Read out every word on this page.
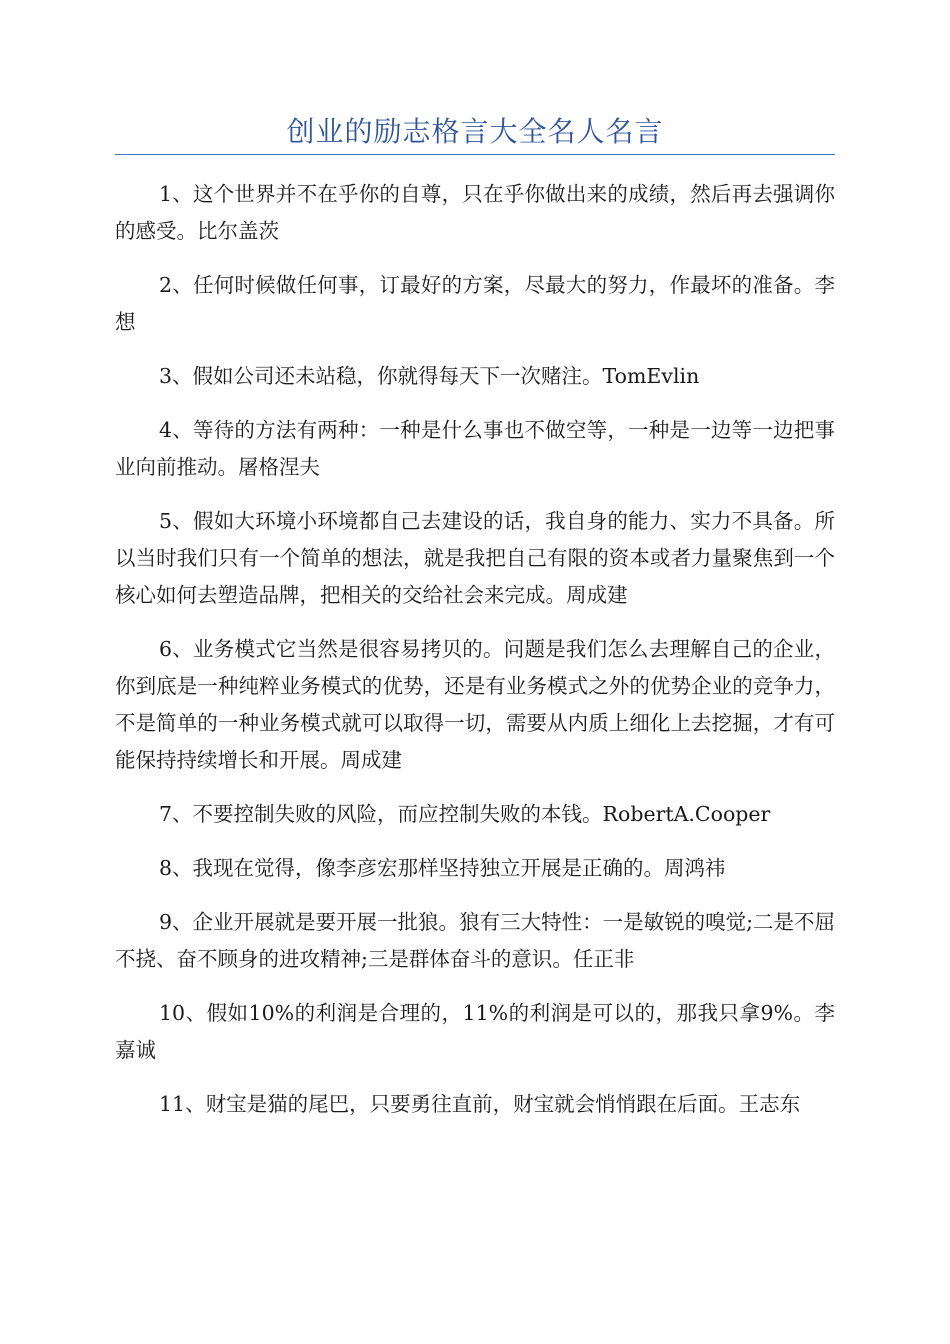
创业的励志格言大全名人名言

1、这个世界并不在乎你的自尊，只在乎你做出来的成绩，然后再去强调你的感受。比尔盖茨

2、任何时候做任何事，订最好的方案，尽最大的努力，作最坏的准备。李想

3、假如公司还未站稳，你就得每天下一次赌注。TomEvlin

4、等待的方法有两种：一种是什么事也不做空等，一种是一边等一边把事业向前推动。屠格涅夫

5、假如大环境小环境都自己去建设的话，我自身的能力、实力不具备。所以当时我们只有一个简单的想法，就是我把自己有限的资本或者力量聚焦到一个核心如何去塑造品牌，把相关的交给社会来完成。周成建

6、业务模式它当然是很容易拷贝的。问题是我们怎么去理解自己的企业，你到底是一种纯粹业务模式的优势，还是有业务模式之外的优势企业的竞争力，不是简单的一种业务模式就可以取得一切，需要从内质上细化上去挖掘，才有可能保持持续增长和开展。周成建

7、不要控制失败的风险，而应控制失败的本钱。RobertA.Cooper

8、我现在觉得，像李彦宏那样坚持独立开展是正确的。周鸿祎

9、企业开展就是要开展一批狼。狼有三大特性：一是敏锐的嗅觉;二是不屈不挠、奋不顾身的进攻精神;三是群体奋斗的意识。任正非

10、假如10%的利润是合理的，11%的利润是可以的，那我只拿9%。李嘉诚

11、财宝是猫的尾巴，只要勇往直前，财宝就会悄悄跟在后面。王志东
